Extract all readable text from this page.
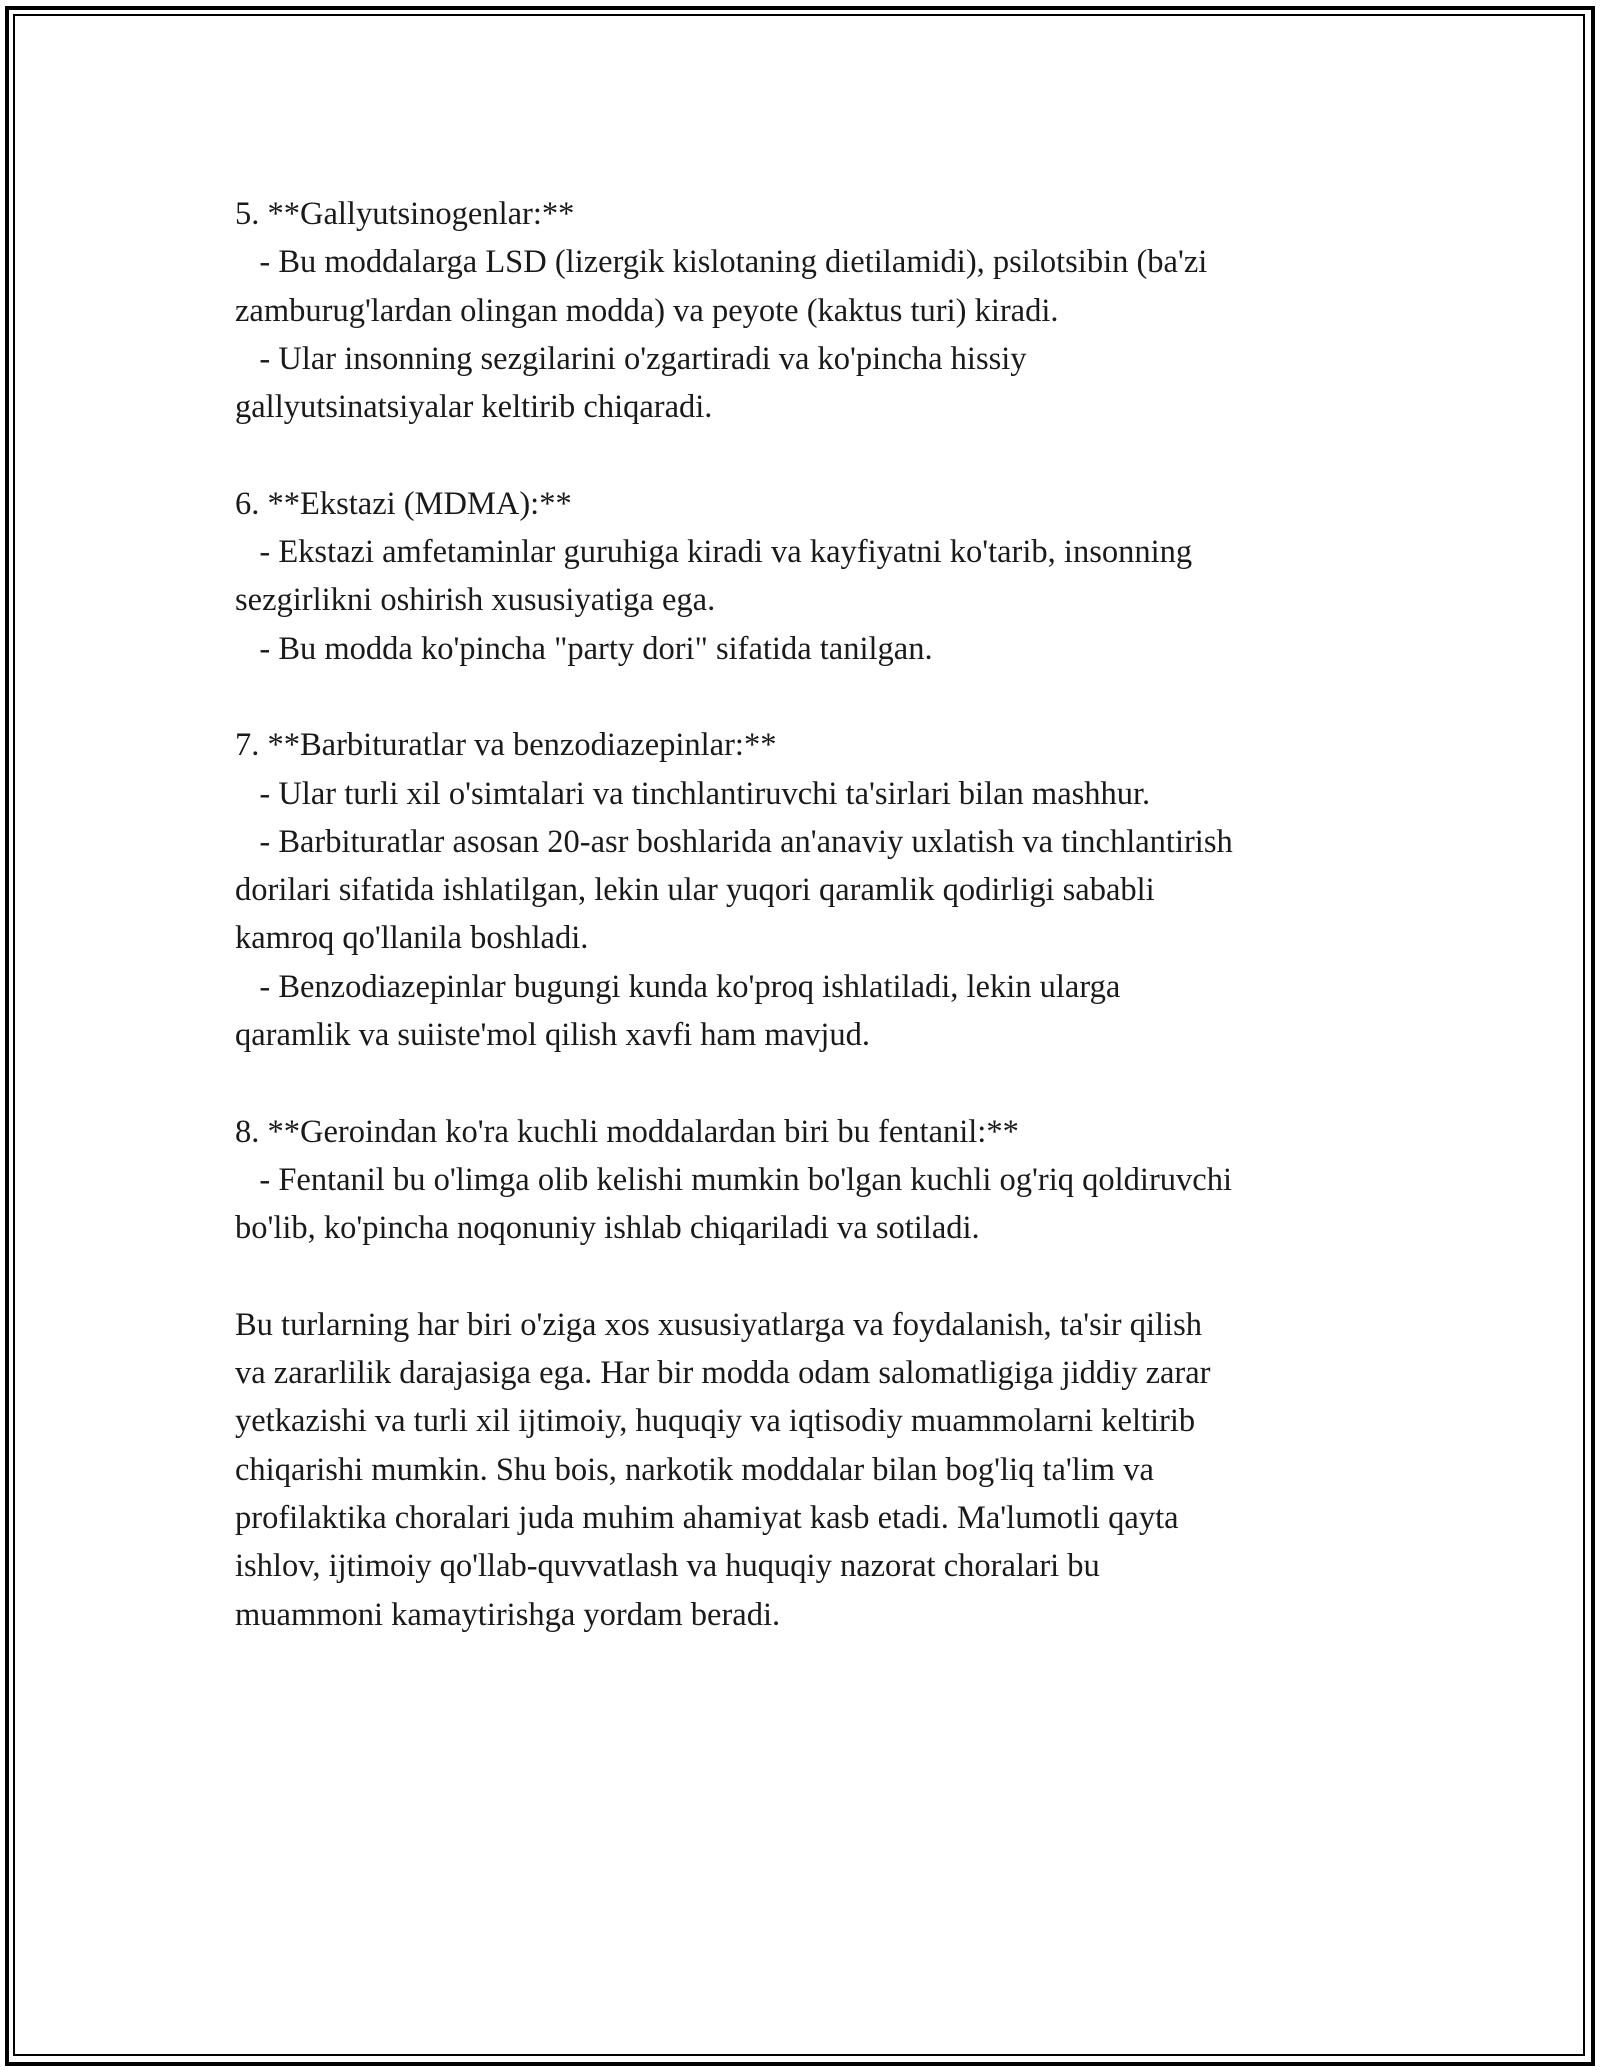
5. **Gallyutsinogenlar:**
- Bu moddalarga LSD (lizergik kislotaning dietilamidi), psilotsibin (ba'zi
zamburug'lardan olingan modda) va peyote (kaktus turi) kiradi.
- Ular insonning sezgilarini o'zgartiradi va ko'pincha hissiy
gallyutsinatsiyalar keltirib chiqaradi.
6. **Ekstazi (MDMA):**
- Ekstazi amfetaminlar guruhiga kiradi va kayfiyatni ko'tarib, insonning
sezgirlikni oshirish xususiyatiga ega.
- Bu modda ko'pincha "party dori" sifatida tanilgan.
7. **Barbituratlar va benzodiazepinlar:**
- Ular turli xil o'simtalari va tinchlantiruvchi ta'sirlari bilan mashhur.
- Barbituratlar asosan 20-asr boshlarida an'anaviy uxlatish va tinchlantirish
dorilari sifatida ishlatilgan, lekin ular yuqori qaramlik qodirligi sababli
kamroq qo'llanila boshladi.
- Benzodiazepinlar bugungi kunda ko'proq ishlatiladi, lekin ularga
qaramlik va suiiste'mol qilish xavfi ham mavjud.
8. **Geroindan ko'ra kuchli moddalardan biri bu fentanil:**
- Fentanil bu o'limga olib kelishi mumkin bo'lgan kuchli og'riq qoldiruvchi
bo'lib, ko'pincha noqonuniy ishlab chiqariladi va sotiladi.
Bu turlarning har biri o'ziga xos xususiyatlarga va foydalanish, ta'sir qilish
va zararlilik darajasiga ega. Har bir modda odam salomatligiga jiddiy zarar
yetkazishi va turli xil ijtimoiy, huquqiy va iqtisodiy muammolarni keltirib
chiqarishi mumkin. Shu bois, narkotik moddalar bilan bog'liq ta'lim va
profilaktika choralari juda muhim ahamiyat kasb etadi. Ma'lumotli qayta
ishlov, ijtimoiy qo'llab-quvvatlash va huquqiy nazorat choralari bu
muammoni kamaytirishga yordam beradi.
